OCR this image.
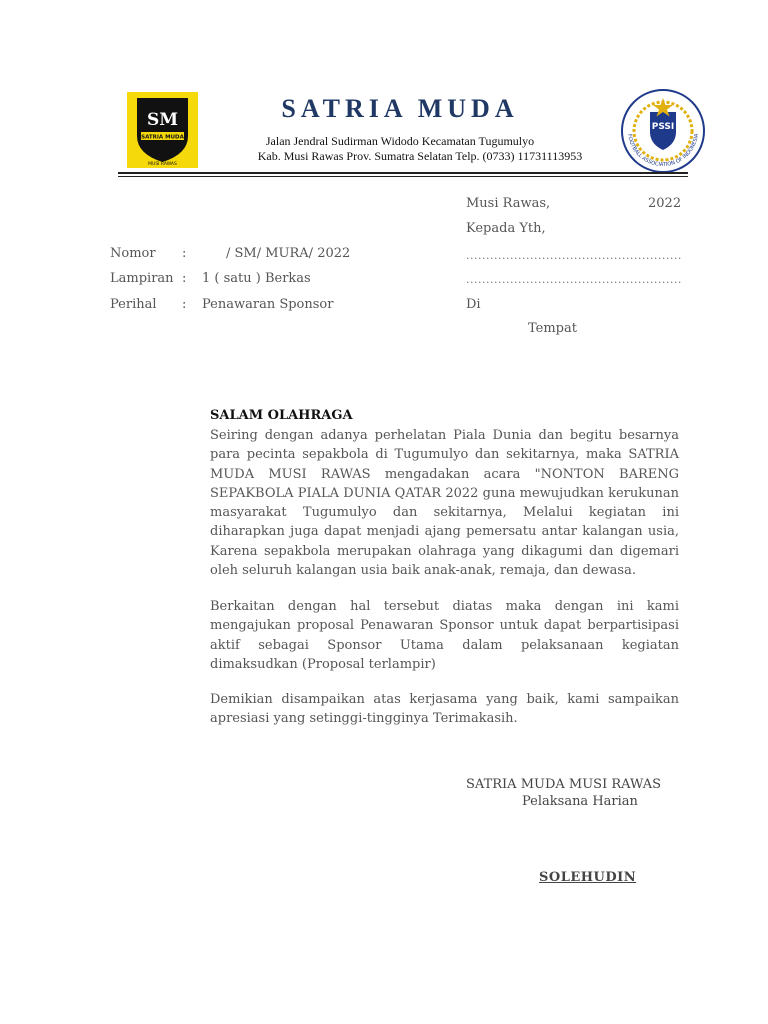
SM
SATRIA MUDA
MUSI RAWAS
SATRIA MUDA
Jalan Jendral Sudirman Widodo Kecamatan Tugumulyo
Kab. Musi Rawas Prov. Sumatra Selatan Telp. (0733) 11731113953
PSSI
FOOTBALL ASSOCIATION OF INDONESIA
Musi Rawas,	2022
Kepada Yth,
......................................................
......................................................
Di
Tempat
Nomor :	/ SM/ MURA/ 2022
Lampiran : 1 ( satu ) Berkas
Perihal : Penawaran Sponsor
SALAM OLAHRAGA
Seiring dengan adanya perhelatan Piala Dunia dan begitu besarnya para pecinta sepakbola di Tugumulyo dan sekitarnya, maka SATRIA MUDA MUSI RAWAS mengadakan acara "NONTON BARENG SEPAKBOLA PIALA DUNIA QATAR 2022 guna mewujudkan kerukunan masyarakat Tugumulyo dan sekitarnya, Melalui kegiatan ini diharapkan juga dapat menjadi ajang pemersatu antar kalangan usia, Karena sepakbola merupakan olahraga yang dikagumi dan digemari oleh seluruh kalangan usia baik anak-anak, remaja, dan dewasa.
Berkaitan dengan hal tersebut diatas maka dengan ini kami mengajukan proposal Penawaran Sponsor untuk dapat berpartisipasi aktif sebagai Sponsor Utama dalam pelaksanaan kegiatan dimaksudkan (Proposal terlampir)
Demikian disampaikan atas kerjasama yang baik, kami sampaikan apresiasi yang setinggi-tingginya Terimakasih.
SATRIA MUDA MUSI RAWAS
Pelaksana Harian
SOLEHUDIN
